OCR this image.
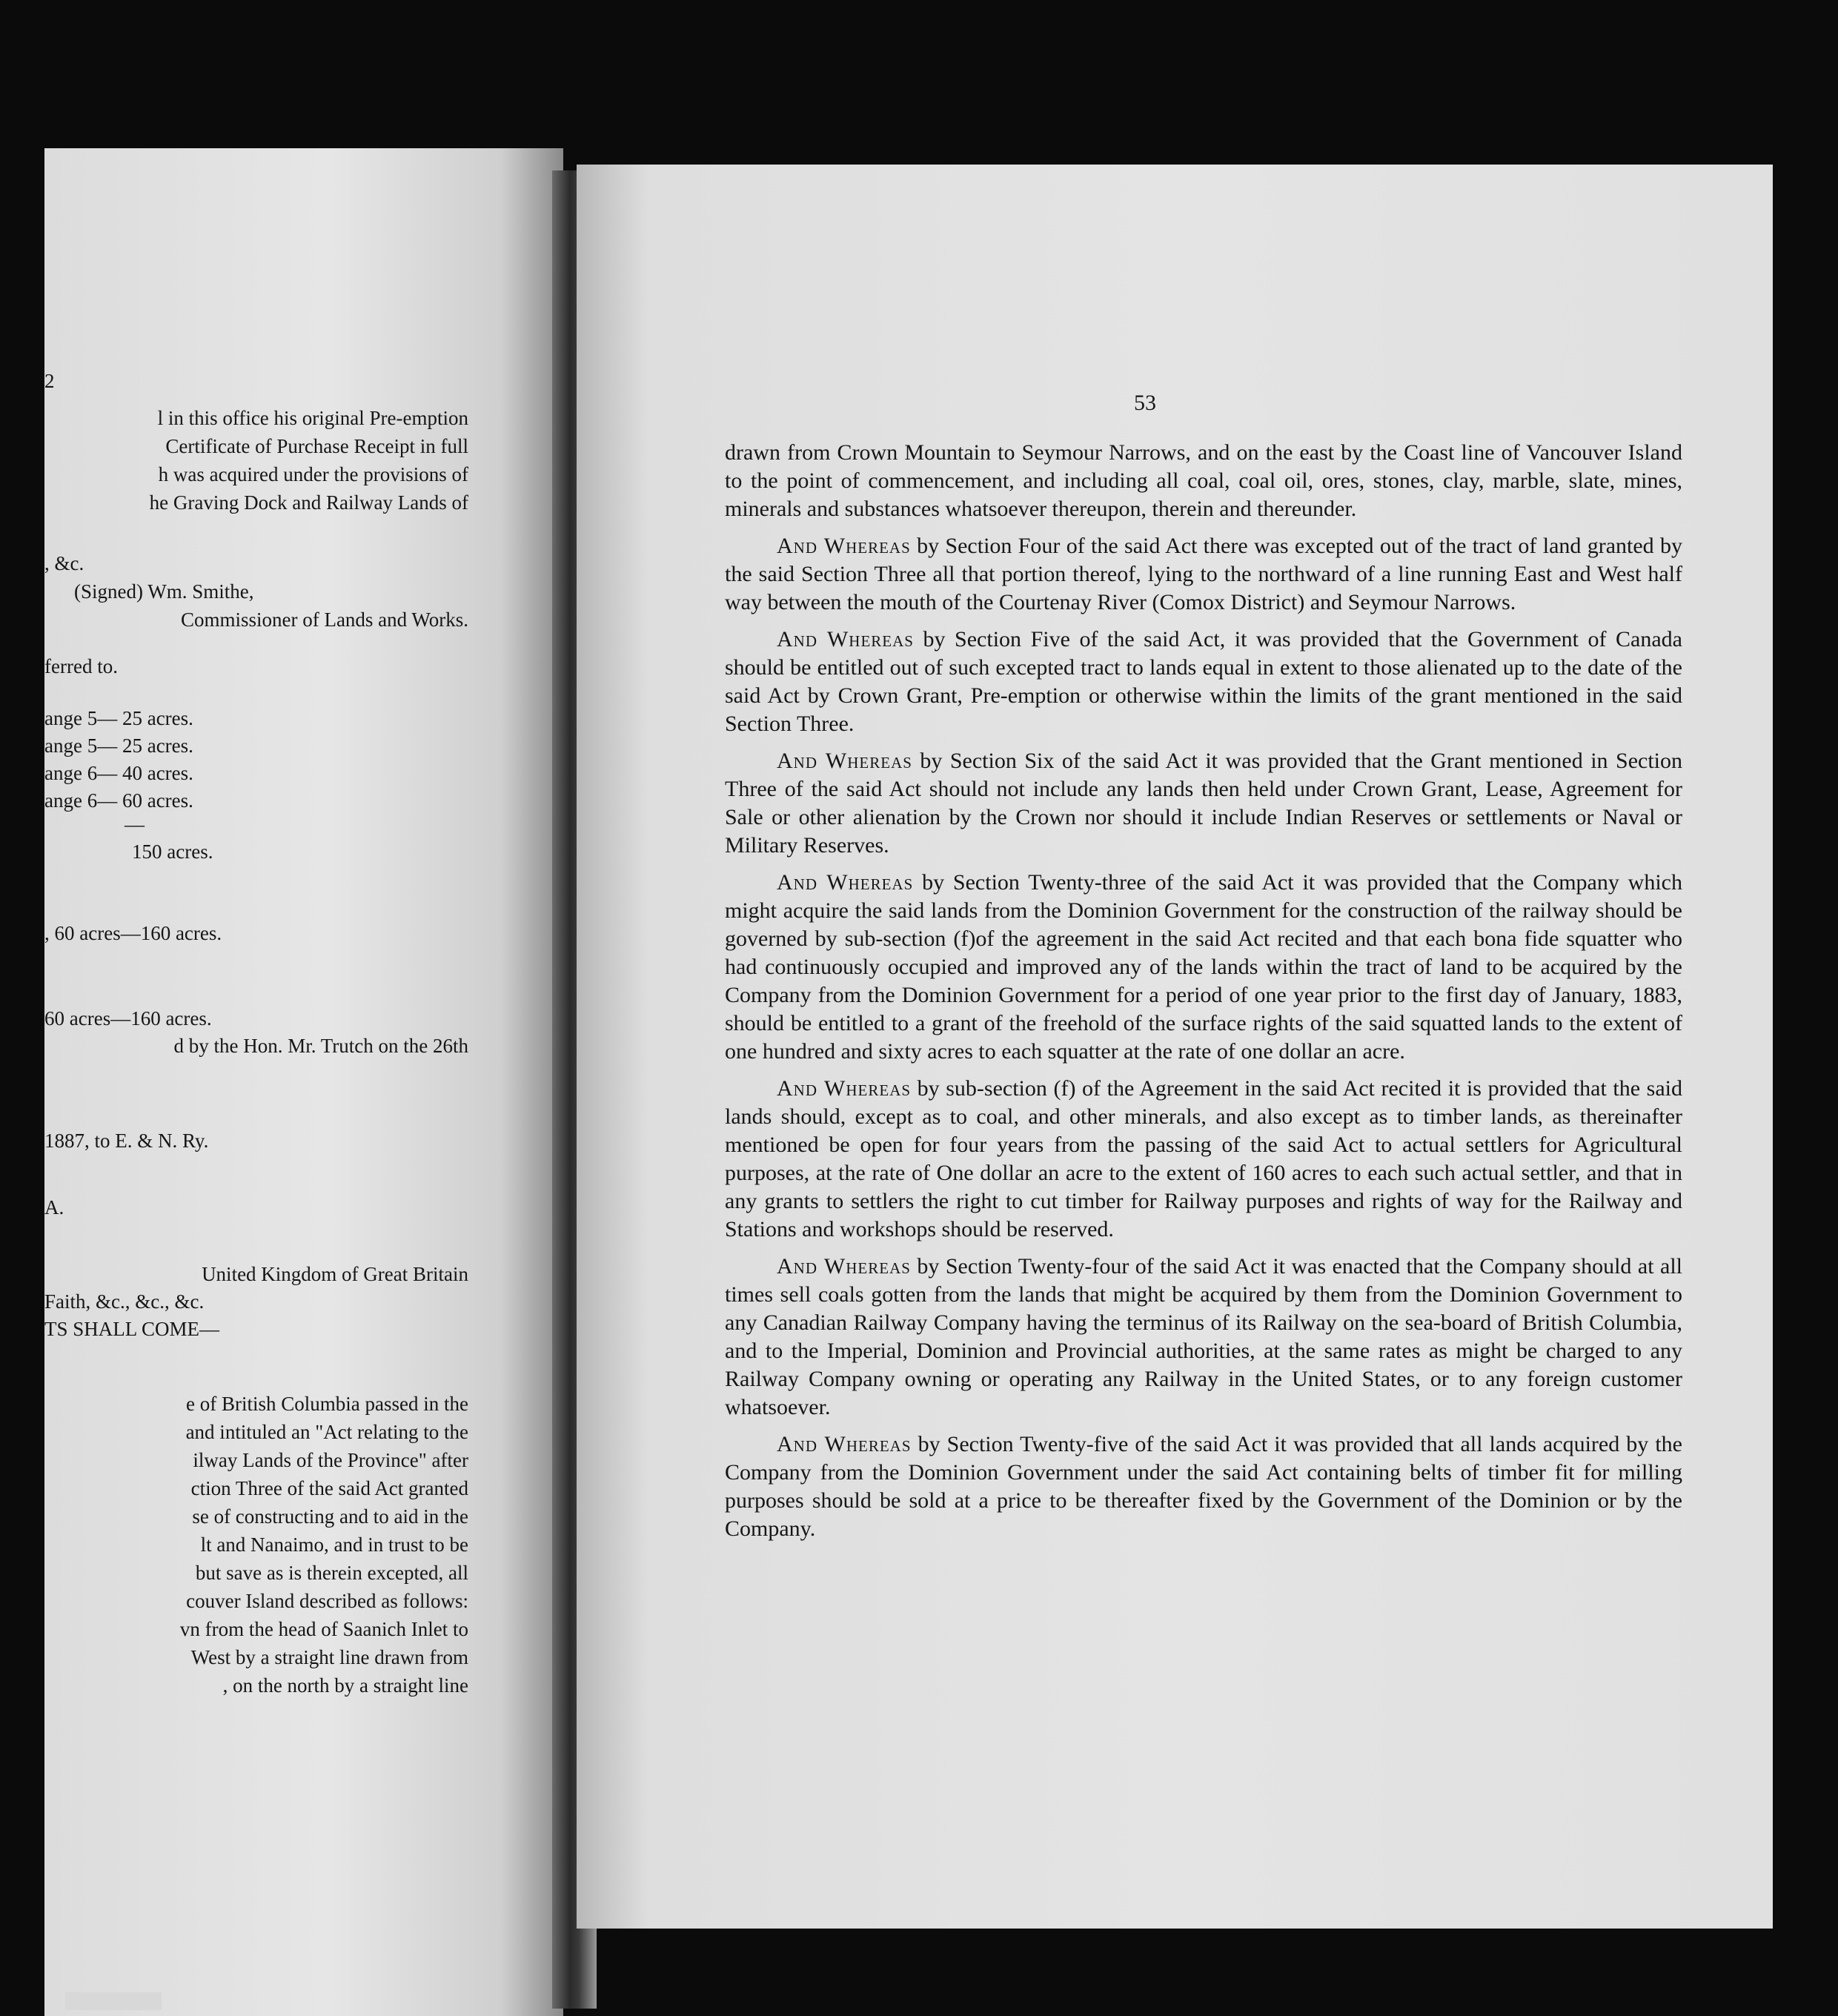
2
l in this office his original Pre-emption
Certificate of Purchase Receipt in full
h was acquired under the provisions of
he Graving Dock and Railway Lands of
, &c.
(Signed) Wm. Smithe,
Commissioner of Lands and Works.
ferred to.
ange 5— 25 acres.
ange 5— 25 acres.
ange 6— 40 acres.
ange 6— 60 acres.
—
150 acres.
, 60 acres—160 acres.
60 acres—160 acres.
d by the Hon. Mr. Trutch on the 26th
1887, to E. & N. Ry.
A.
United Kingdom of Great Britain
Faith, &c., &c., &c.
TS SHALL COME—
e of British Columbia passed in the
and intituled an "Act relating to the
ilway Lands of the Province" after
ction Three of the said Act granted
se of constructing and to aid in the
lt and Nanaimo, and in trust to be
but save as is therein excepted, all
couver Island described as follows:
vn from the head of Saanich Inlet to
West by a straight line drawn from
, on the north by a straight line
53

drawn from Crown Mountain to Seymour Narrows, and on the east by the Coast line of Vancouver Island to the point of commencement, and including all coal, coal oil, ores, stones, clay, marble, slate, mines, minerals and substances whatsoever thereupon, therein and thereunder.

And Whereas by Section Four of the said Act there was excepted out of the tract of land granted by the said Section Three all that portion thereof, lying to the northward of a line running East and West half way between the mouth of the Courtenay River (Comox District) and Seymour Narrows.

And Whereas by Section Five of the said Act, it was provided that the Government of Canada should be entitled out of such excepted tract to lands equal in extent to those alienated up to the date of the said Act by Crown Grant, Pre-emption or otherwise within the limits of the grant mentioned in the said Section Three.

And Whereas by Section Six of the said Act it was provided that the Grant mentioned in Section Three of the said Act should not include any lands then held under Crown Grant, Lease, Agreement for Sale or other alienation by the Crown nor should it include Indian Reserves or settlements or Naval or Military Reserves.

And Whereas by Section Twenty-three of the said Act it was provided that the Company which might acquire the said lands from the Dominion Government for the construction of the railway should be governed by sub-section (f)of the agreement in the said Act recited and that each bona fide squatter who had continuously occupied and improved any of the lands within the tract of land to be acquired by the Company from the Dominion Government for a period of one year prior to the first day of January, 1883, should be entitled to a grant of the freehold of the surface rights of the said squatted lands to the extent of one hundred and sixty acres to each squatter at the rate of one dollar an acre.

And Whereas by sub-section (f) of the Agreement in the said Act recited it is provided that the said lands should, except as to coal, and other minerals, and also except as to timber lands, as thereinafter mentioned be open for four years from the passing of the said Act to actual settlers for Agricultural purposes, at the rate of One dollar an acre to the extent of 160 acres to each such actual settler, and that in any grants to settlers the right to cut timber for Railway purposes and rights of way for the Railway and Stations and workshops should be reserved.

And Whereas by Section Twenty-four of the said Act it was enacted that the Company should at all times sell coals gotten from the lands that might be acquired by them from the Dominion Government to any Canadian Railway Company having the terminus of its Railway on the sea-board of British Columbia, and to the Imperial, Dominion and Provincial authorities, at the same rates as might be charged to any Railway Company owning or operating any Railway in the United States, or to any foreign customer whatsoever.

And Whereas by Section Twenty-five of the said Act it was provided that all lands acquired by the Company from the Dominion Government under the said Act containing belts of timber fit for milling purposes should be sold at a price to be thereafter fixed by the Government of the Dominion or by the Company.
